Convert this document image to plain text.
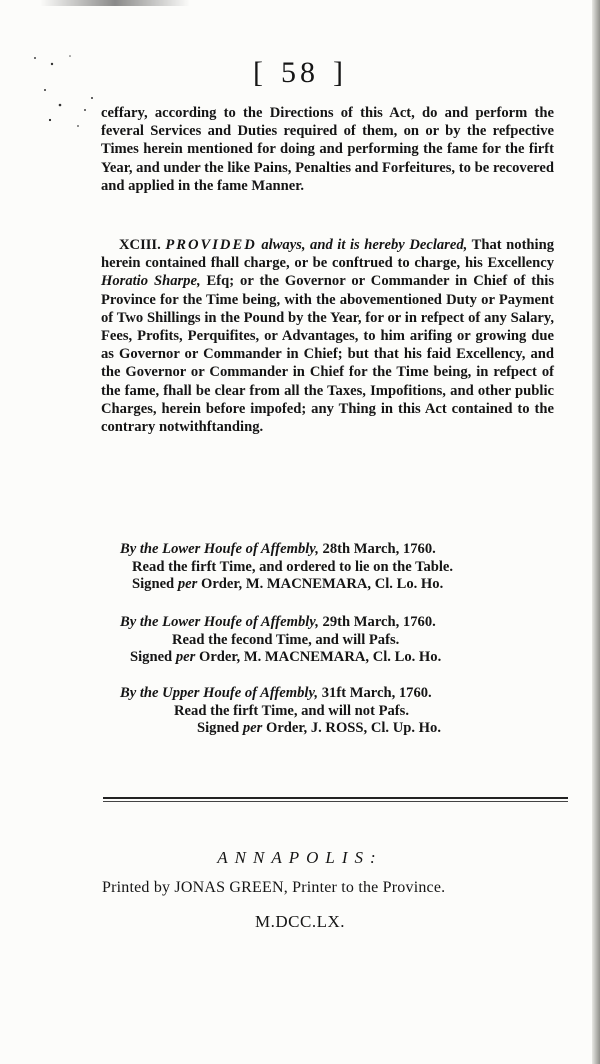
[ 58 ]
ceffary, according to the Directions of this Act, do and perform the feveral Services and Duties required of them, on or by the refpective Times herein mentioned for doing and performing the fame for the firft Year, and under the like Pains, Penalties and Forfeitures, to be recovered and applied in the fame Manner.
XCIII. PROVIDED always, and it is hereby Declared, That nothing herein contained fhall charge, or be conftrued to charge, his Excellency Horatio Sharpe, Efq; or the Governor or Commander in Chief of this Province for the Time being, with the abovementioned Duty or Payment of Two Shillings in the Pound by the Year, for or in refpect of any Salary, Fees, Profits, Perquifites, or Advantages, to him arifing or growing due as Governor or Commander in Chief; but that his faid Excellency, and the Governor or Commander in Chief for the Time being, in refpect of the fame, fhall be clear from all the Taxes, Impofitions, and other public Charges, herein before impofed; any Thing in this Act contained to the contrary notwithftanding.
By the Lower Houfe of Affembly, 28th March, 1760.
Read the firft Time, and ordered to lie on the Table.
Signed per Order, M. MACNEMARA, Cl. Lo. Ho.
By the Lower Houfe of Affembly, 29th March, 1760.
Read the fecond Time, and will Pafs.
Signed per Order, M. MACNEMARA, Cl. Lo. Ho.
By the Upper Houfe of Affembly, 31ft March, 1760.
Read the firft Time, and will not Pafs.
Signed per Order, J. ROSS, Cl. Up. Ho.
ANNAPOLIS:
Printed by JONAS GREEN, Printer to the Province.
M.DCC.LX.
